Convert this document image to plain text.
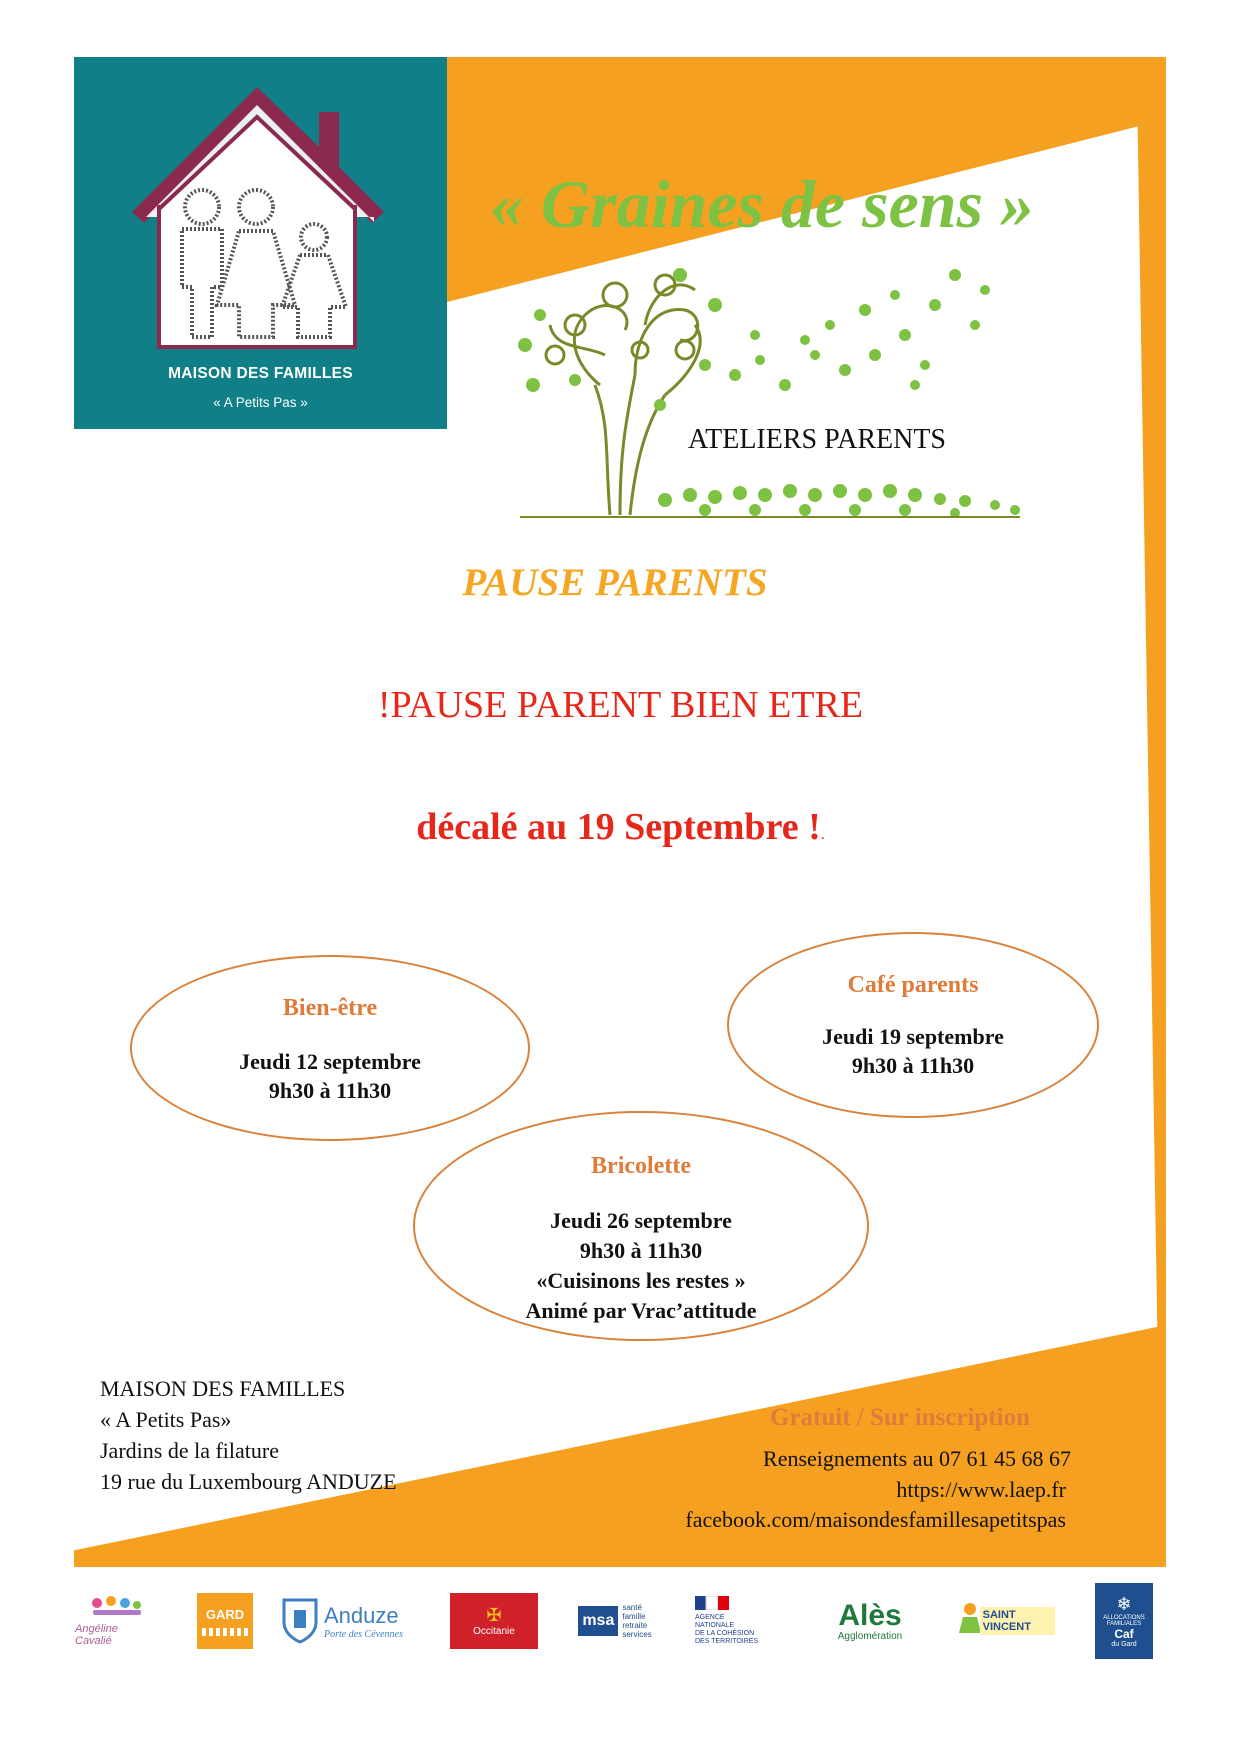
MAISON DES FAMILLES
« A Petits Pas »
« Graines de sens »
ATELIERS PARENTS
PAUSE PARENTS
!PAUSE PARENT BIEN ETRE
décalé au 19 Septembre !.
Bien-être
Jeudi 12 septembre
9h30 à 11h30
Café parents
Jeudi 19 septembre
9h30 à 11h30
Bricolette
Jeudi 26 septembre
9h30 à 11h30
«Cuisinons les restes »
Animé par Vrac’attitude
MAISON DES FAMILLES
« A Petits Pas»
Jardins de la filature
19 rue du Luxembourg ANDUZE
Gratuit / Sur inscription
Renseignements au 07 61 45 68 67
https://www.laep.fr
facebook.com/maisondesfamillesapetitspas
Angéline Cavalié
GARD	Anduze
Porte des Cévennes
✠
Occitanie
msa
santé
famille
retraite
services
AGENCE
NATIONALE
DE LA COHÉSION
DES TERRITOIRES
Alès
Agglomération
SAINT VINCENT
❄
ALLOCATIONS
FAMILIALES
Caf
du Gard
